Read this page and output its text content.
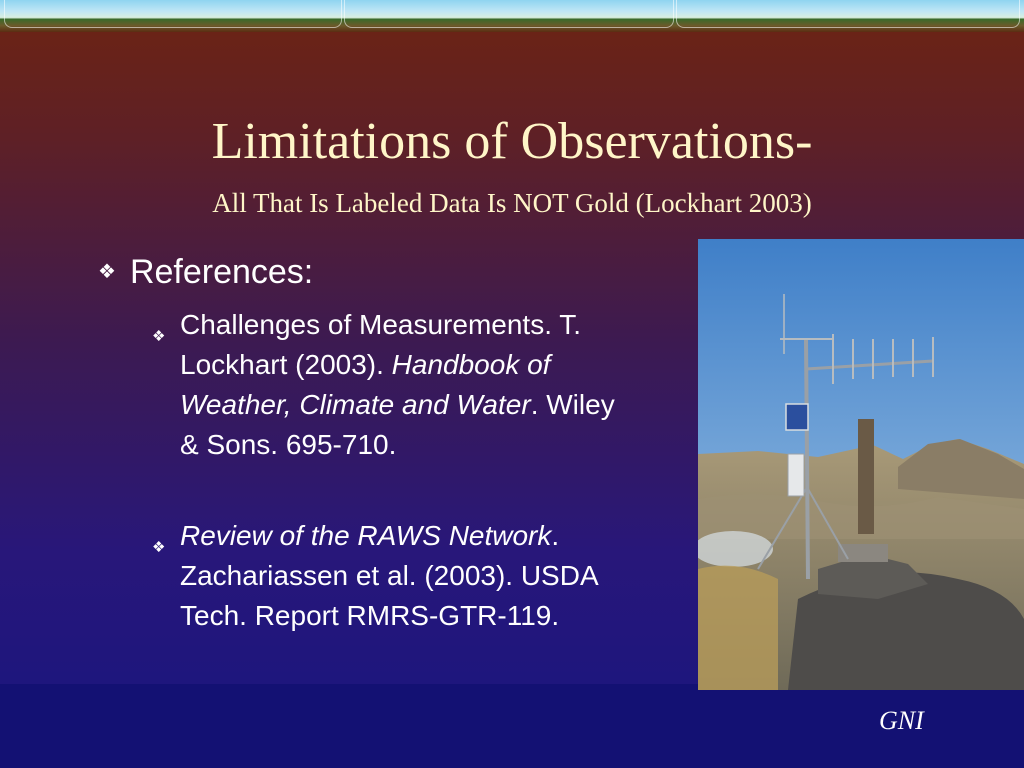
Limitations of Observations-
All That Is Labeled Data Is NOT Gold (Lockhart 2003)
❖ References:
❖ Challenges of Measurements. T. Lockhart (2003). Handbook of Weather, Climate and Water. Wiley & Sons. 695-710.
❖ Review of the RAWS Network. Zachariassen et al. (2003). USDA Tech. Report RMRS-GTR-119.
GNI
